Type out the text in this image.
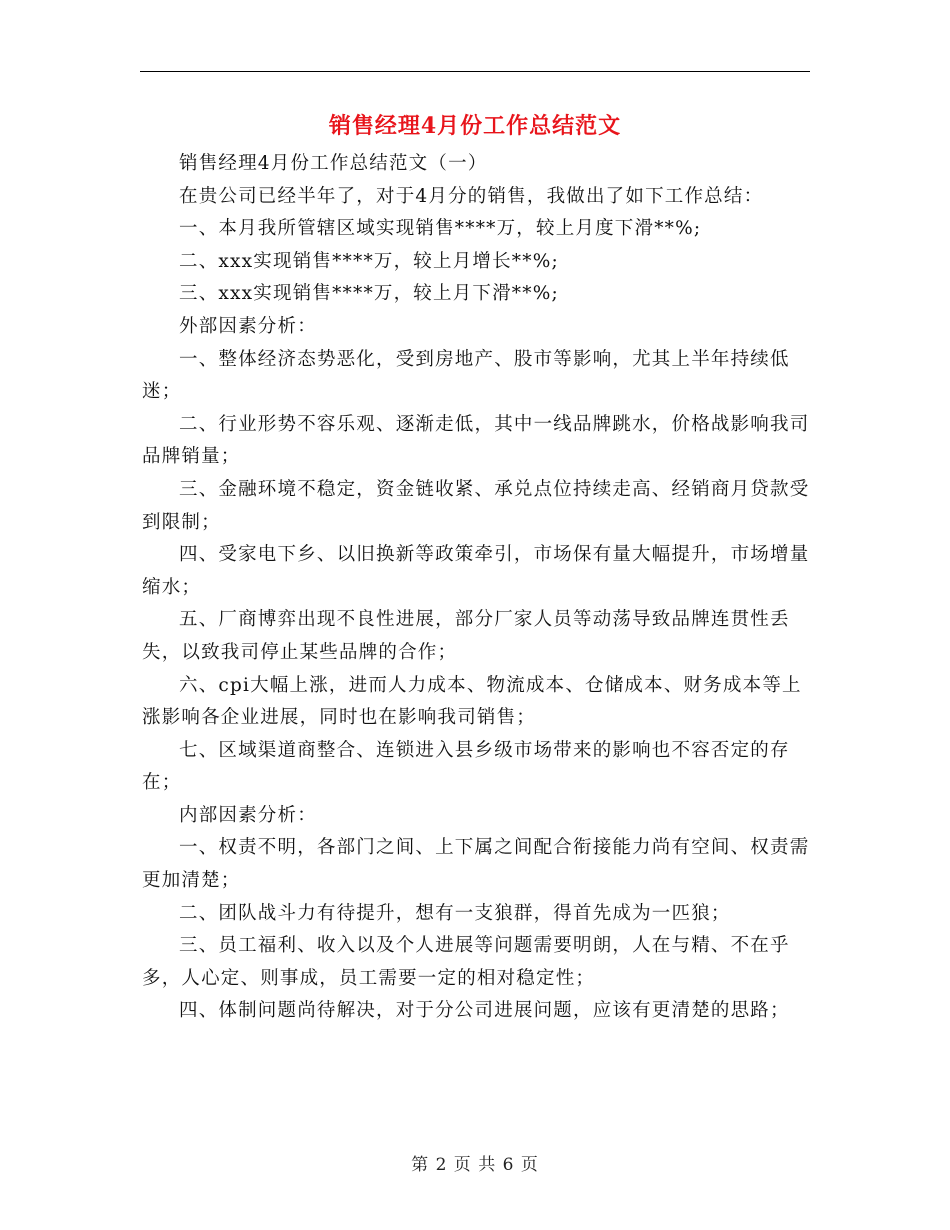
销售经理4月份工作总结范文

销售经理4月份工作总结范文（一）

在贵公司已经半年了，对于4月分的销售，我做出了如下工作总结：

一、本月我所管辖区域实现销售****万，较上月度下滑**%;

二、xxx实现销售****万，较上月增长**%;

三、xxx实现销售****万，较上月下滑**%;

外部因素分析：

一、整体经济态势恶化，受到房地产、股市等影响，尤其上半年持续低迷；

二、行业形势不容乐观、逐渐走低，其中一线品牌跳水，价格战影响我司品牌销量；

三、金融环境不稳定，资金链收紧、承兑点位持续走高、经销商月贷款受到限制；

四、受家电下乡、以旧换新等政策牵引，市场保有量大幅提升，市场增量缩水；

五、厂商博弈出现不良性进展，部分厂家人员等动荡导致品牌连贯性丢失，以致我司停止某些品牌的合作；

六、cpi大幅上涨，进而人力成本、物流成本、仓储成本、财务成本等上涨影响各企业进展，同时也在影响我司销售；

七、区域渠道商整合、连锁进入县乡级市场带来的影响也不容否定的存在；

内部因素分析：

一、权责不明，各部门之间、上下属之间配合衔接能力尚有空间、权责需更加清楚；

二、团队战斗力有待提升，想有一支狼群，得首先成为一匹狼；

三、员工福利、收入以及个人进展等问题需要明朗，人在与精、不在乎多，人心定、则事成，员工需要一定的相对稳定性；

四、体制问题尚待解决，对于分公司进展问题，应该有更清楚的思路；

第 2 页 共 6 页
